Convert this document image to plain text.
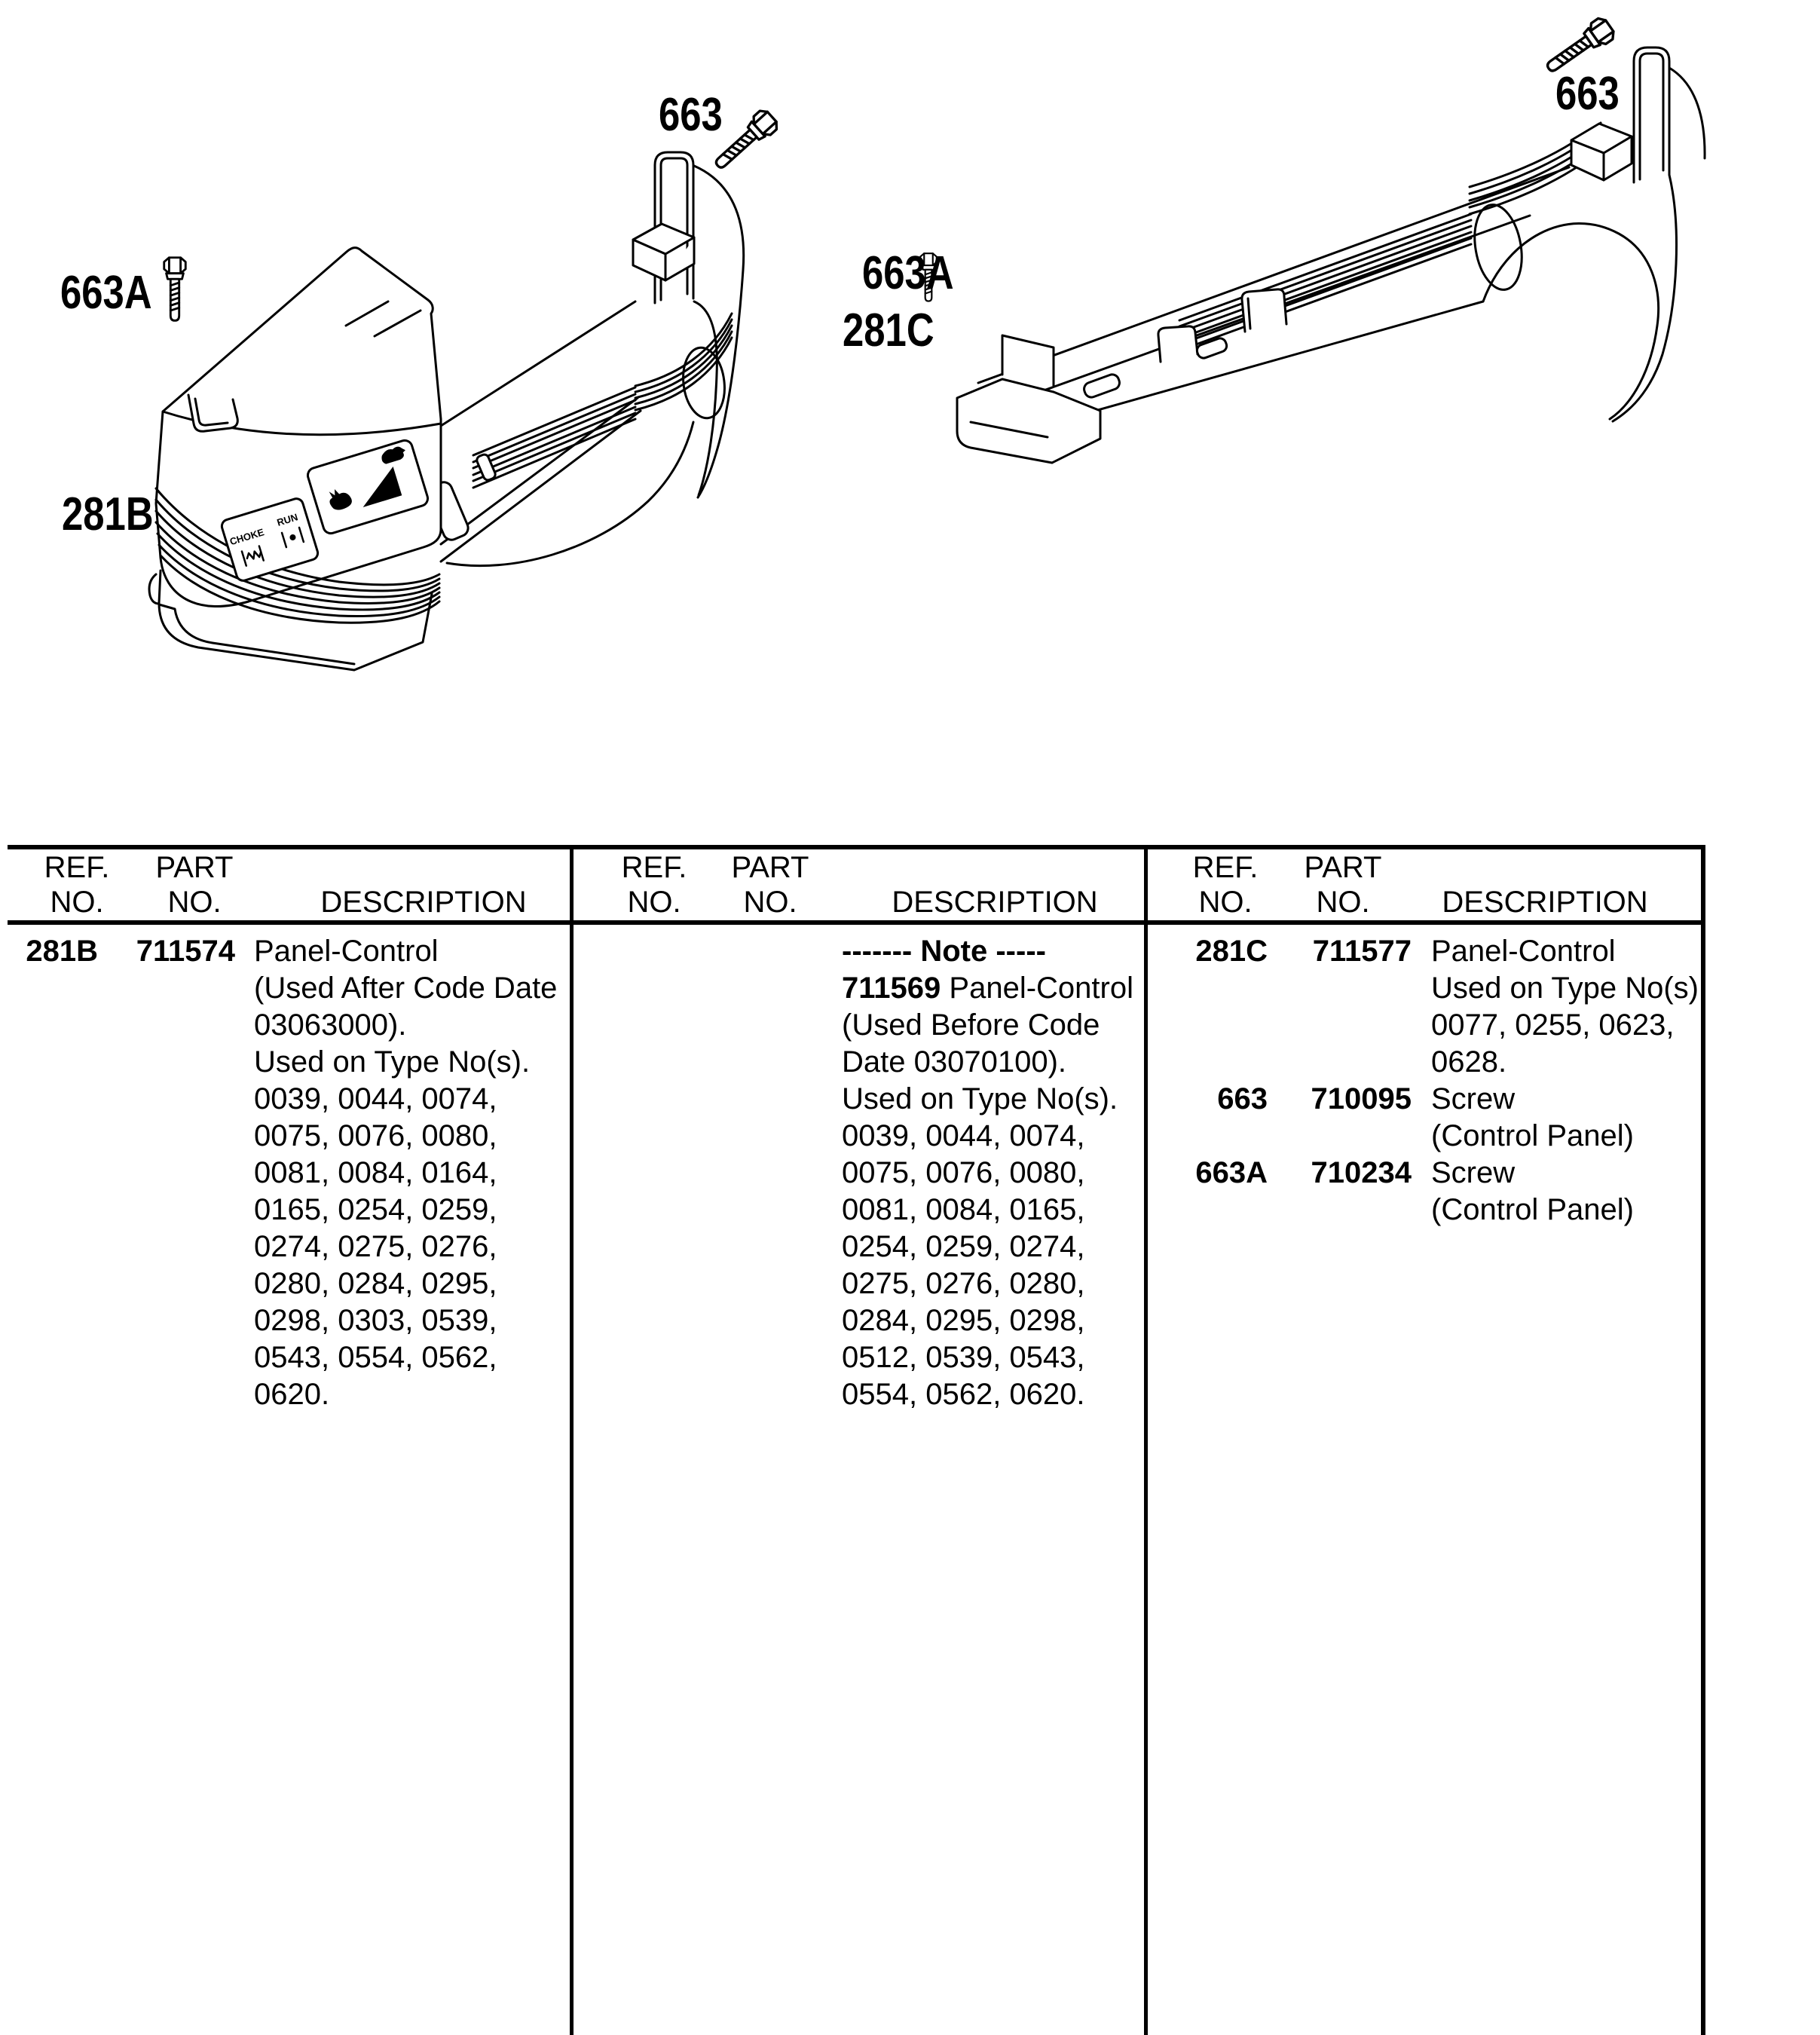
CHOKE
RUN
663
663A
281B
663
663A
281C
REF.
NO.
PART
NO.	DESCRIPTION
REF.
NO.
PART
NO.	DESCRIPTION
REF.
NO.
PART
NO.	DESCRIPTION
281B	711574 Panel-Control
(Used After Code Date
03063000).
Used on Type No(s).
0039, 0044, 0074,
0075, 0076, 0080,
0081, 0084, 0164,
0165, 0254, 0259,
0274, 0275, 0276,
0280, 0284, 0295,
0298, 0303, 0539,
0543, 0554, 0562,
0620.
------- Note -----
711569 Panel-Control
(Used Before Code
Date 03070100).
Used on Type No(s).
0039, 0044, 0074,
0075, 0076, 0080,
0081, 0084, 0165,
0254, 0259, 0274,
0275, 0276, 0280,
0284, 0295, 0298,
0512, 0539, 0543,
0554, 0562, 0620.
281C	711577 Panel-Control
Used on Type No(s).
0077, 0255, 0623,
0628.
663	710095 Screw
(Control Panel)
663A	710234 Screw
(Control Panel)
